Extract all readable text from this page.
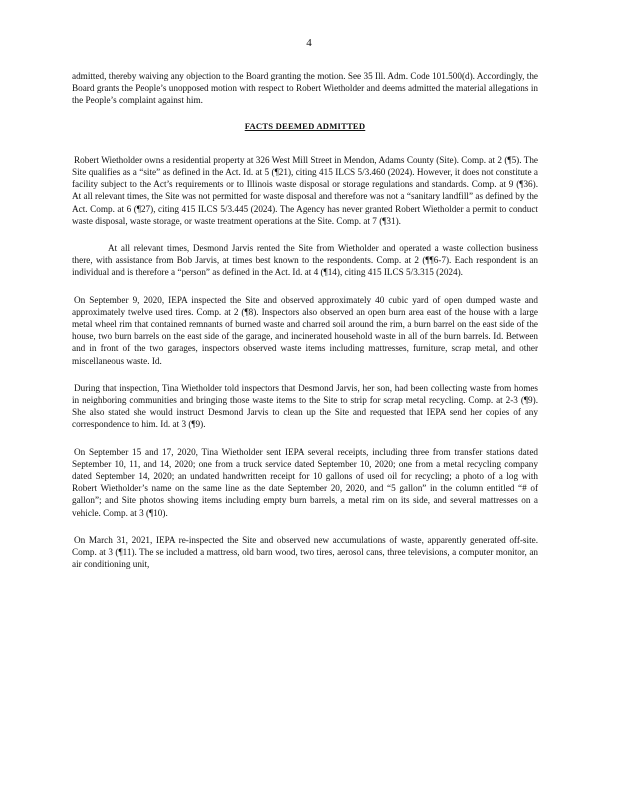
4

admitted, thereby waiving any objection to the Board granting the motion. See 35 Ill. Adm. Code 101.500(d). Accordingly, the Board grants the People’s unopposed motion with respect to Robert Wietholder and deems admitted the material allegations in the People’s complaint against him.

FACTS DEEMED ADMITTED

Robert Wietholder owns a residential property at 326 West Mill Street in Mendon, Adams County (Site). Comp. at 2 (¶5). The Site qualifies as a “site” as defined in the Act. Id. at 5 (¶21), citing 415 ILCS 5/3.460 (2024). However, it does not constitute a facility subject to the Act’s requirements or to Illinois waste disposal or storage regulations and standards. Comp. at 9 (¶36). At all relevant times, the Site was not permitted for waste disposal and therefore was not a “sanitary landfill” as defined by the Act. Comp. at 6 (¶27), citing 415 ILCS 5/3.445 (2024). The Agency has never granted Robert Wietholder a permit to conduct waste disposal, waste storage, or waste treatment operations at the Site. Comp. at 7 (¶31).

At all relevant times, Desmond Jarvis rented the Site from Wietholder and operated a waste collection business there, with assistance from Bob Jarvis, at times best known to the respondents. Comp. at 2 (¶¶6-7). Each respondent is an individual and is therefore a “person” as defined in the Act. Id. at 4 (¶14), citing 415 ILCS 5/3.315 (2024).

On September 9, 2020, IEPA inspected the Site and observed approximately 40 cubic yard of open dumped waste and approximately twelve used tires. Comp. at 2 (¶8). Inspectors also observed an open burn area east of the house with a large metal wheel rim that contained remnants of burned waste and charred soil around the rim, a burn barrel on the east side of the house, two burn barrels on the east side of the garage, and incinerated household waste in all of the burn barrels. Id. Between and in front of the two garages, inspectors observed waste items including mattresses, furniture, scrap metal, and other miscellaneous waste. Id.

During that inspection, Tina Wietholder told inspectors that Desmond Jarvis, her son, had been collecting waste from homes in neighboring communities and bringing those waste items to the Site to strip for scrap metal recycling. Comp. at 2-3 (¶9). She also stated she would instruct Desmond Jarvis to clean up the Site and requested that IEPA send her copies of any correspondence to him. Id. at 3 (¶9).

On September 15 and 17, 2020, Tina Wietholder sent IEPA several receipts, including three from transfer stations dated September 10, 11, and 14, 2020; one from a truck service dated September 10, 2020; one from a metal recycling company dated September 14, 2020; an undated handwritten receipt for 10 gallons of used oil for recycling; a photo of a log with Robert Wietholder’s name on the same line as the date September 20, 2020, and “5 gallon” in the column entitled “# of gallon”; and Site photos showing items including empty burn barrels, a metal rim on its side, and several mattresses on a vehicle. Comp. at 3 (¶10).

On March 31, 2021, IEPA re-inspected the Site and observed new accumulations of waste, apparently generated off-site. Comp. at 3 (¶11). The se included a mattress, old barn wood, two tires, aerosol cans, three televisions, a computer monitor, an air conditioning unit,
